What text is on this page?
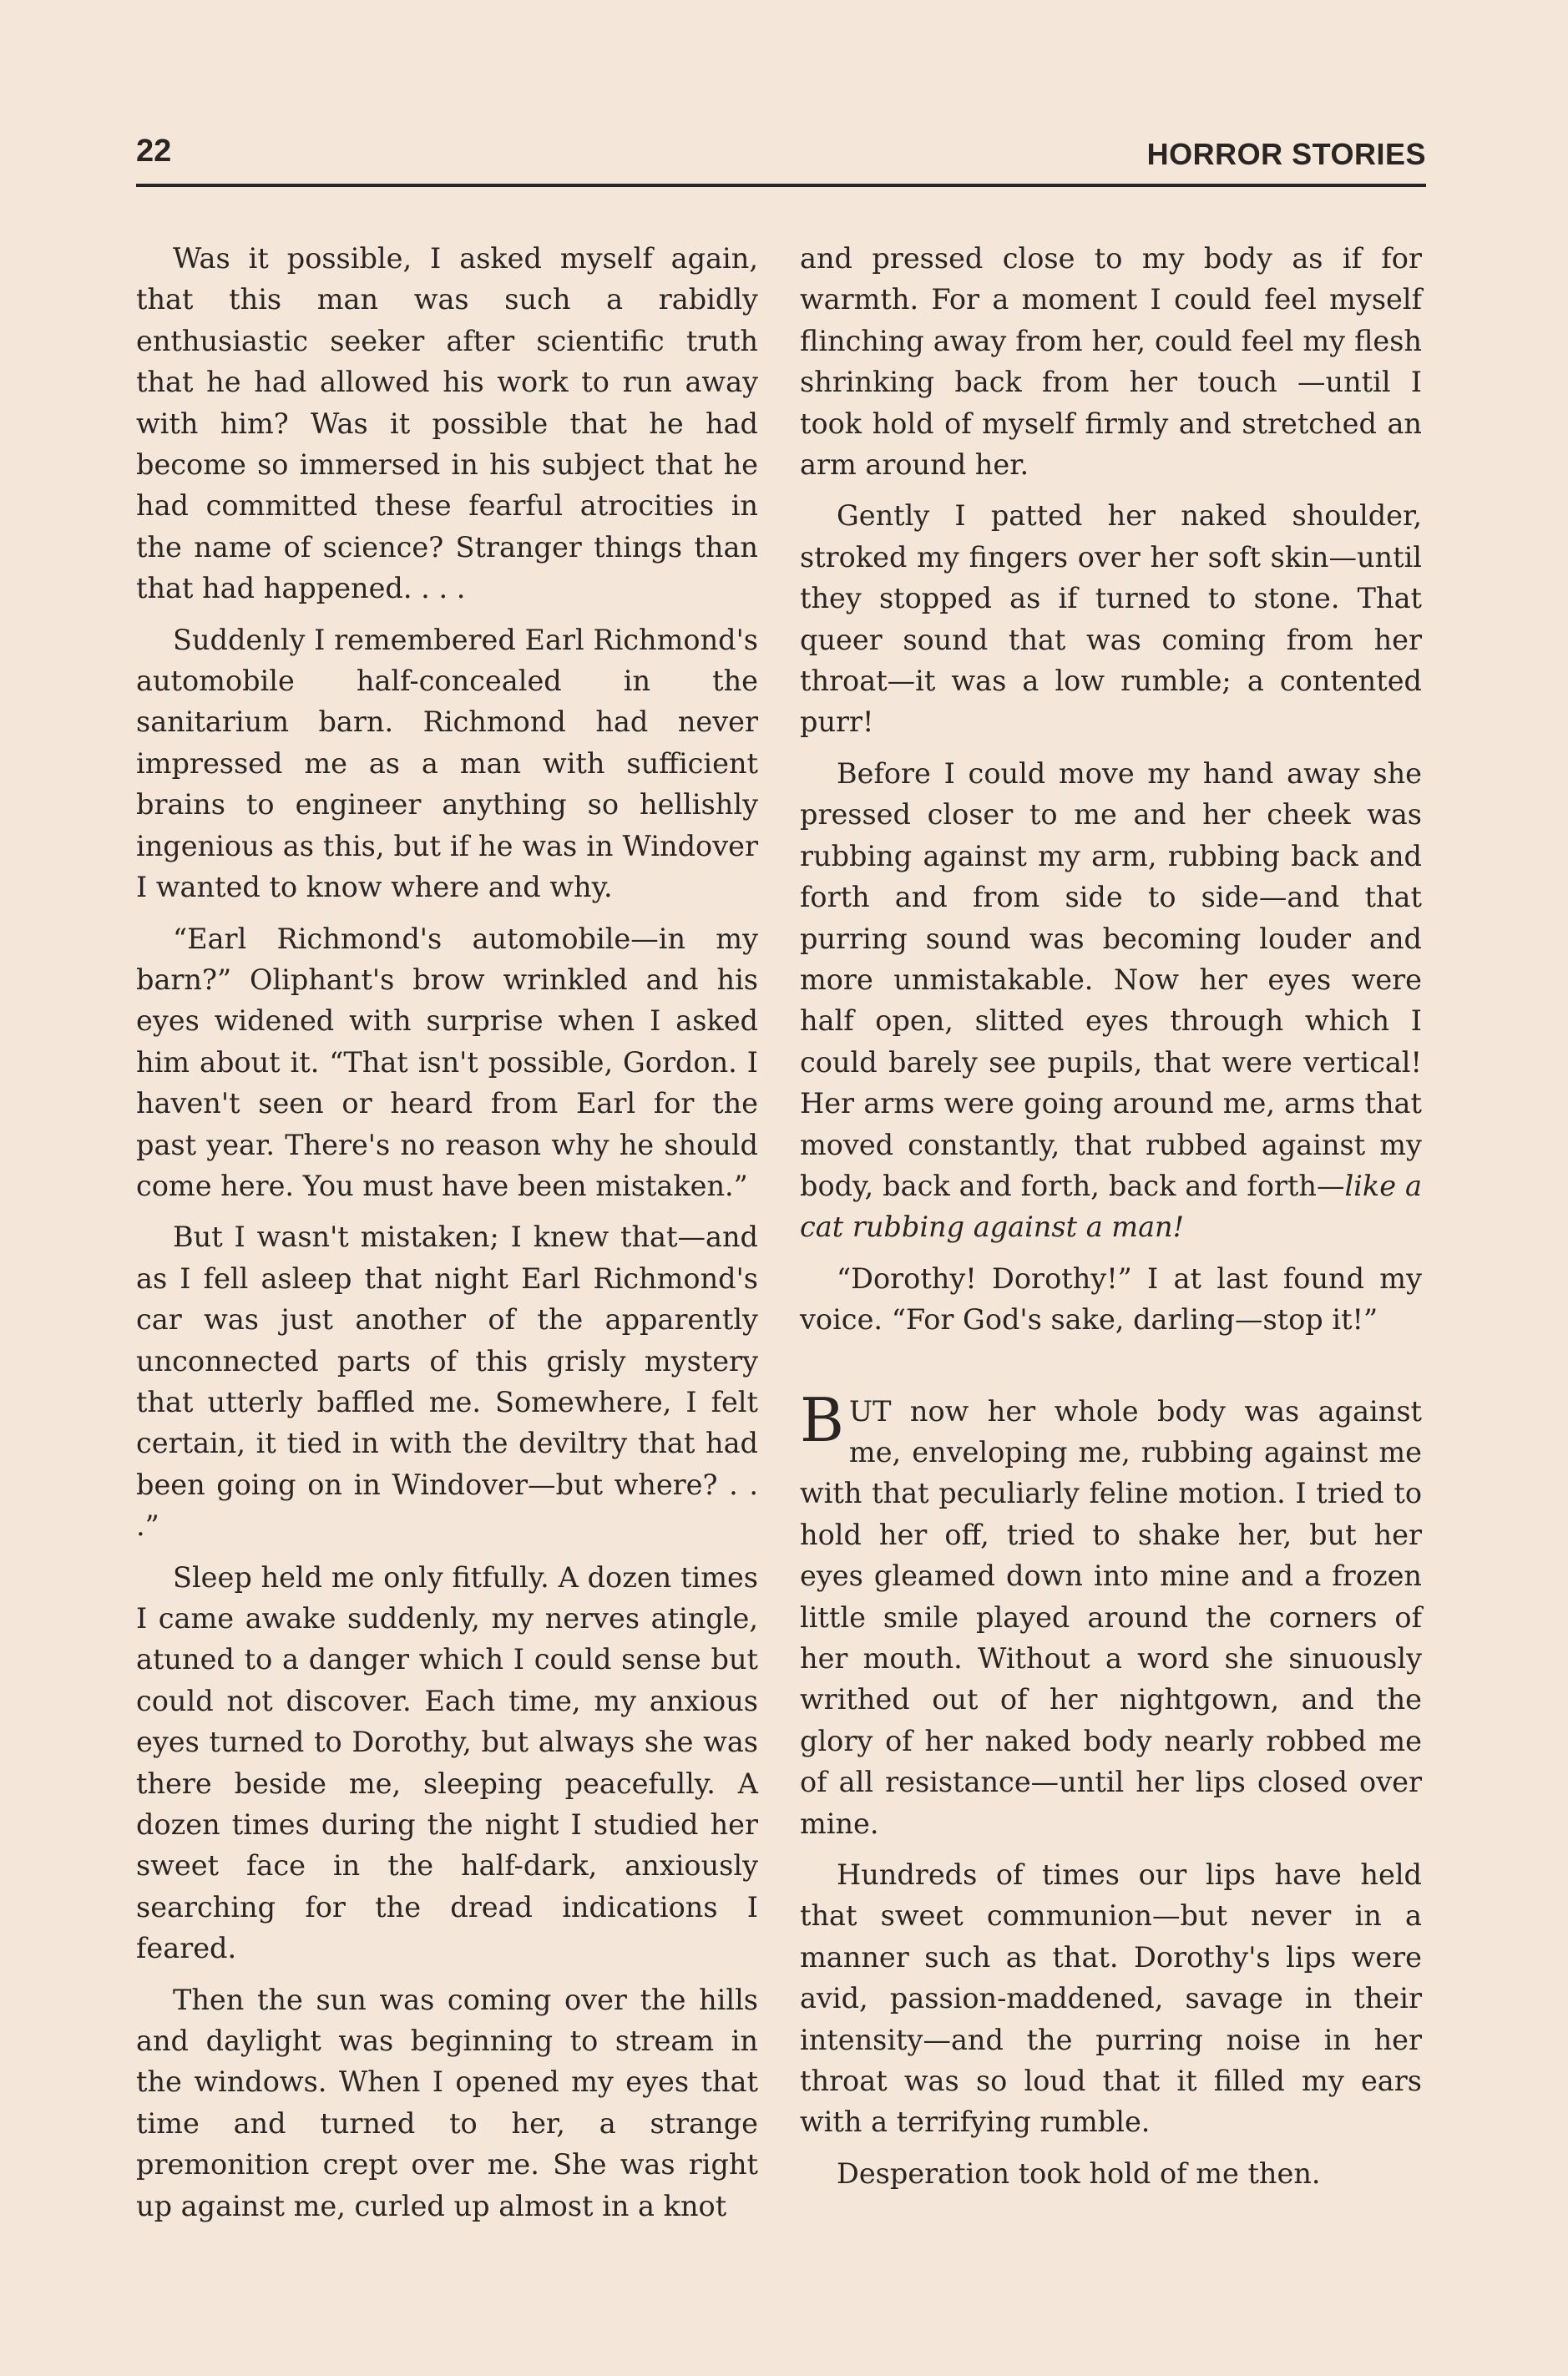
22	HORROR STORIES

Was it possible, I asked myself again, that this man was such a rabidly enthusiastic seeker after scientific truth that he had allowed his work to run away with him? Was it possible that he had become so immersed in his subject that he had committed these fearful atrocities in the name of science? Stranger things than that had happened. . . .

Suddenly I remembered Earl Richmond's automobile half-concealed in the sanitarium barn. Richmond had never impressed me as a man with sufficient brains to engineer anything so hellishly ingenious as this, but if he was in Windover I wanted to know where and why.

“Earl Richmond's automobile—in my barn?” Oliphant's brow wrinkled and his eyes widened with surprise when I asked him about it. “That isn't possible, Gordon. I haven't seen or heard from Earl for the past year. There's no reason why he should come here. You must have been mistaken.”

But I wasn't mistaken; I knew that—and as I fell asleep that night Earl Richmond's car was just another of the apparently unconnected parts of this grisly mystery that utterly baffled me. Somewhere, I felt certain, it tied in with the deviltry that had been going on in Windover—but where? . . .”

Sleep held me only fitfully. A dozen times I came awake suddenly, my nerves atingle, atuned to a danger which I could sense but could not discover. Each time, my anxious eyes turned to Dorothy, but always she was there beside me, sleeping peacefully. A dozen times during the night I studied her sweet face in the half-dark, anxiously searching for the dread indications I feared.

Then the sun was coming over the hills and daylight was beginning to stream in the windows. When I opened my eyes that time and turned to her, a strange premonition crept over me. She was right up against me, curled up almost in a knot

and pressed close to my body as if for warmth. For a moment I could feel myself flinching away from her, could feel my flesh shrinking back from her touch —until I took hold of myself firmly and stretched an arm around her.

Gently I patted her naked shoulder, stroked my fingers over her soft skin—until they stopped as if turned to stone. That queer sound that was coming from her throat—it was a low rumble; a contented purr!

Before I could move my hand away she pressed closer to me and her cheek was rubbing against my arm, rubbing back and forth and from side to side—and that purring sound was becoming louder and more unmistakable. Now her eyes were half open, slitted eyes through which I could barely see pupils, that were vertical! Her arms were going around me, arms that moved constantly, that rubbed against my body, back and forth, back and forth—like a cat rubbing against a man!

“Dorothy! Dorothy!” I at last found my voice. “For God's sake, darling—stop it!”

BUT now her whole body was against me, enveloping me, rubbing against me with that peculiarly feline motion. I tried to hold her off, tried to shake her, but her eyes gleamed down into mine and a frozen little smile played around the corners of her mouth. Without a word she sinuously writhed out of her nightgown, and the glory of her naked body nearly robbed me of all resistance—until her lips closed over mine.

Hundreds of times our lips have held that sweet communion—but never in a manner such as that. Dorothy's lips were avid, passion-maddened, savage in their intensity—and the purring noise in her throat was so loud that it filled my ears with a terrifying rumble.

Desperation took hold of me then.
